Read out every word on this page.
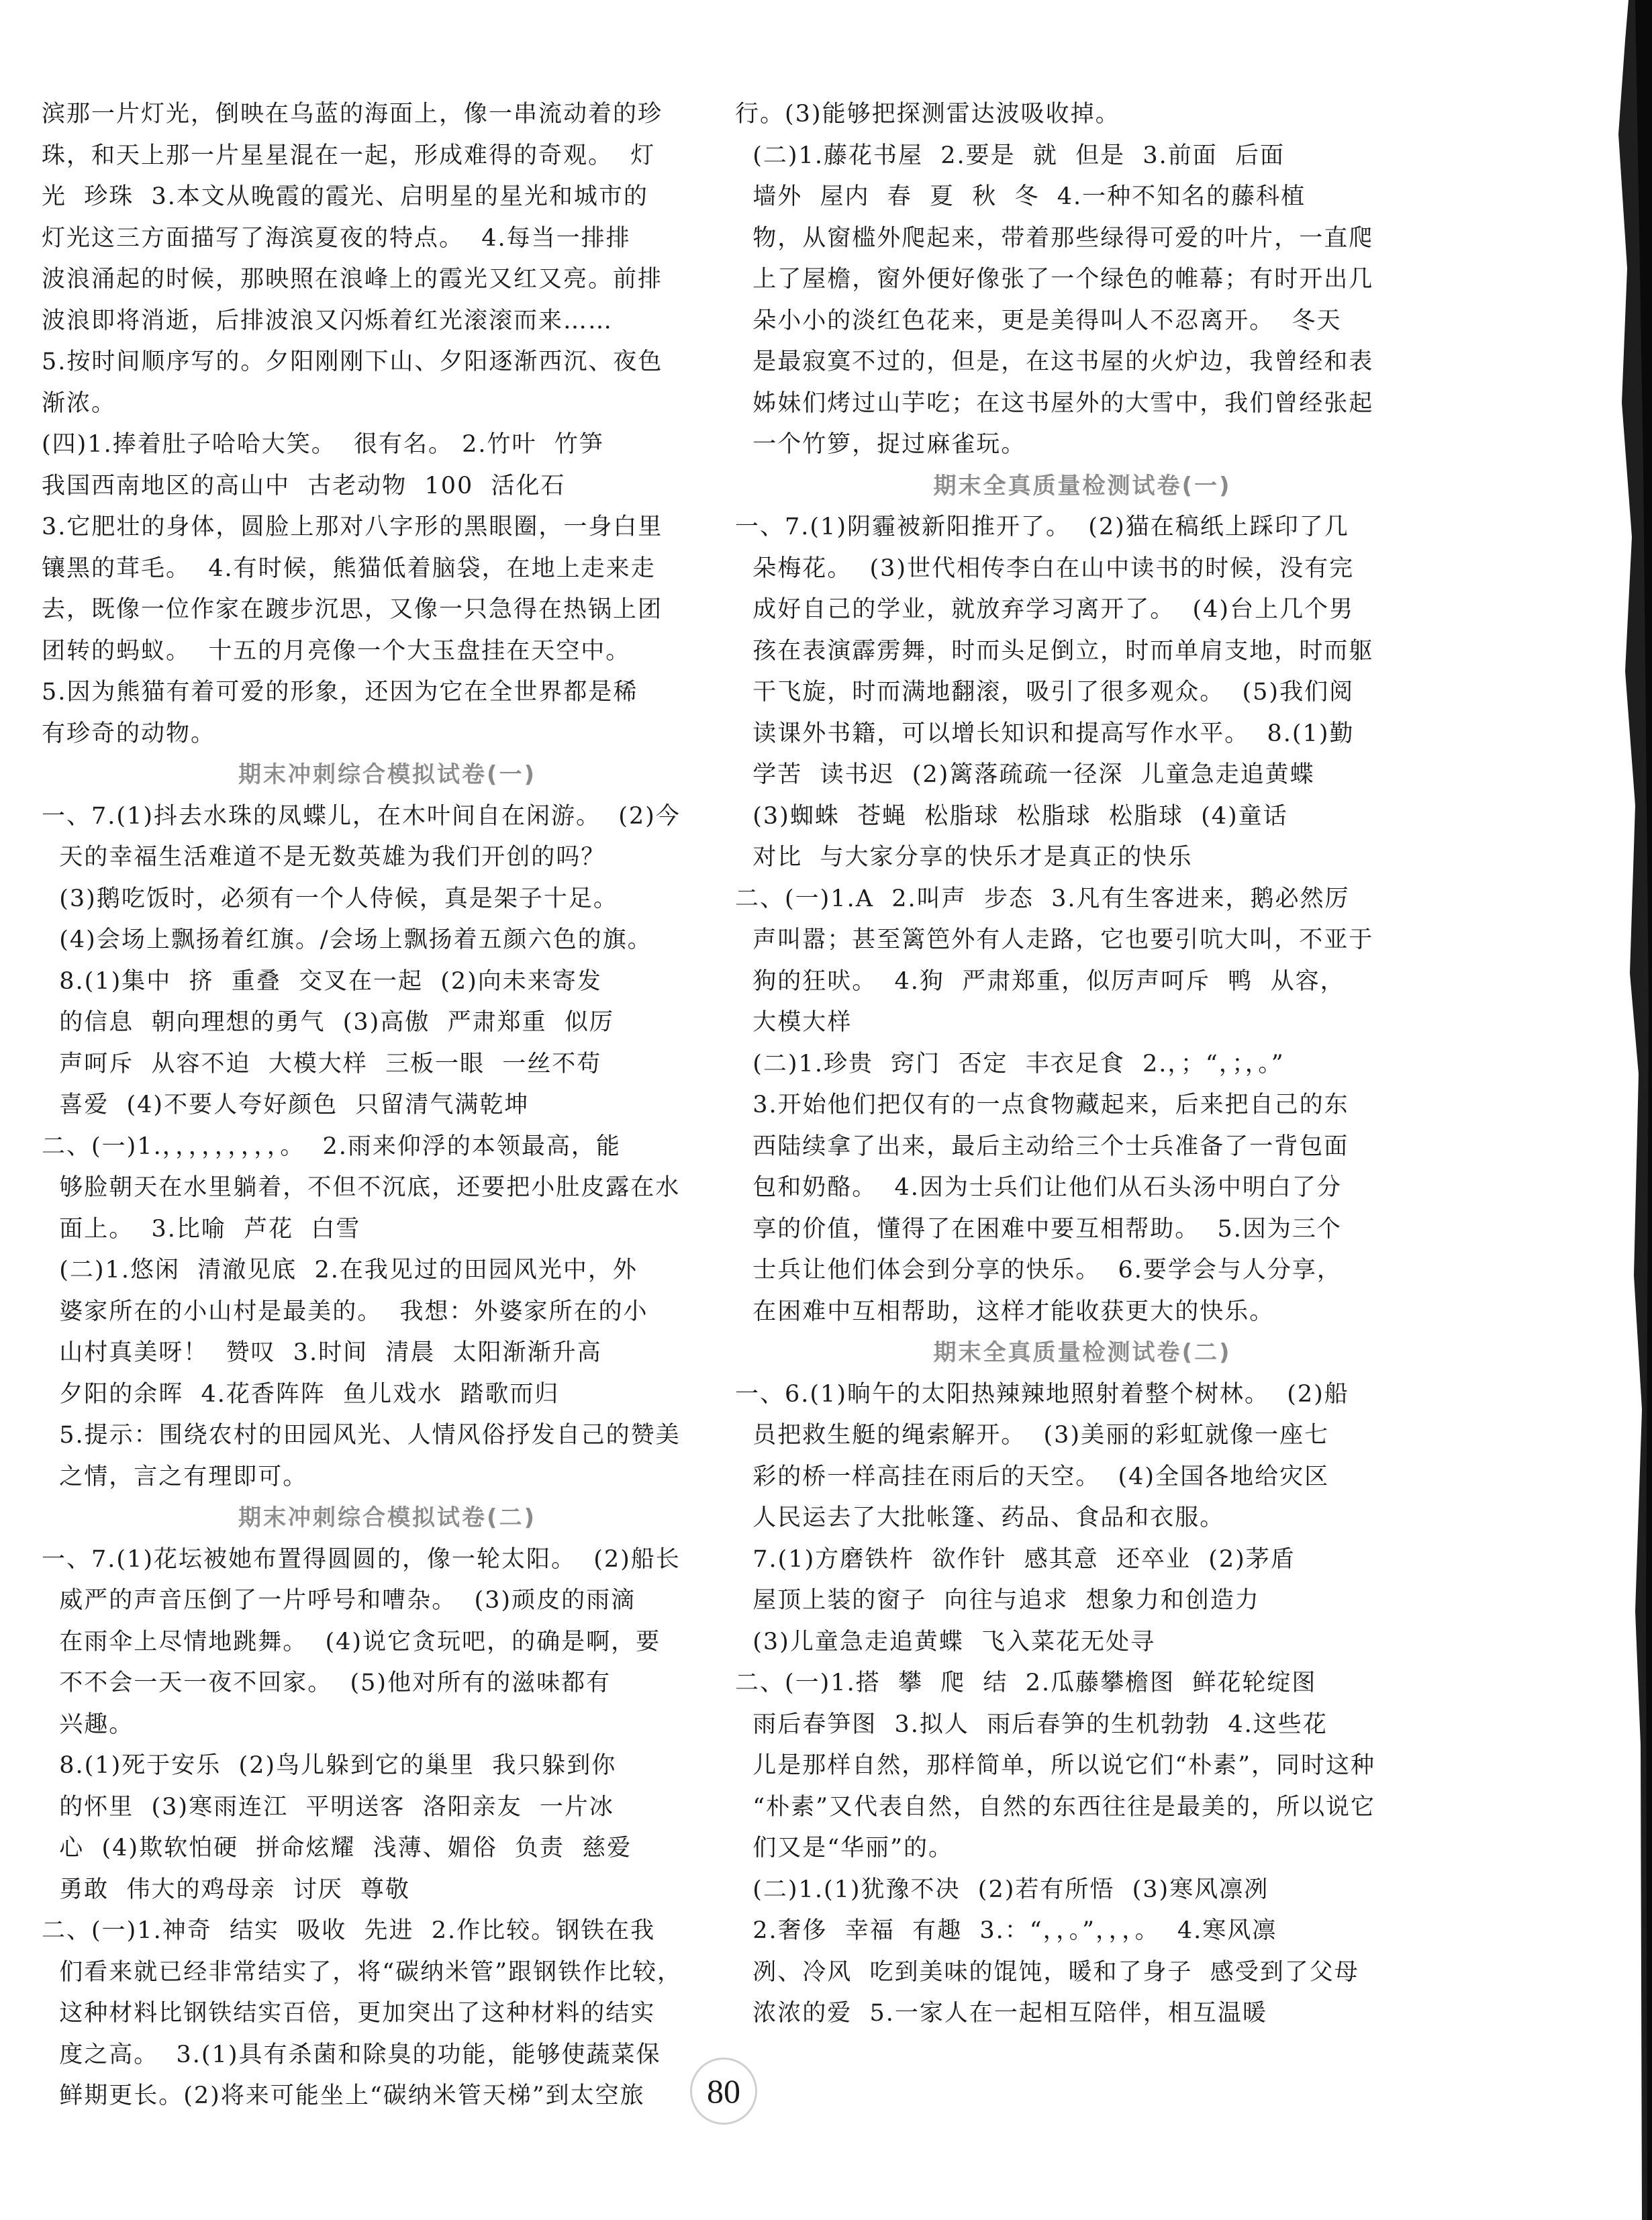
滨那一片灯光，倒映在乌蓝的海面上，像一串流动着的珍
珠，和天上那一片星星混在一起，形成难得的奇观。  灯
光  珍珠  3.本文从晚霞的霞光、启明星的星光和城市的
灯光这三方面描写了海滨夏夜的特点。  4.每当一排排
波浪涌起的时候，那映照在浪峰上的霞光又红又亮。前排
波浪即将消逝，后排波浪又闪烁着红光滚滚而来……
5.按时间顺序写的。夕阳刚刚下山、夕阳逐渐西沉、夜色
渐浓。
(四)1.捧着肚子哈哈大笑。  很有名。 2.竹叶  竹笋
我国西南地区的高山中  古老动物  100  活化石
3.它肥壮的身体，圆脸上那对八字形的黑眼圈，一身白里
镶黑的茸毛。  4.有时候，熊猫低着脑袋，在地上走来走
去，既像一位作家在踱步沉思，又像一只急得在热锅上团
团转的蚂蚁。  十五的月亮像一个大玉盘挂在天空中。
5.因为熊猫有着可爱的形象，还因为它在全世界都是稀
有珍奇的动物。
期末冲刺综合模拟试卷(一)
一、7.(1)抖去水珠的凤蝶儿，在木叶间自在闲游。  (2)今
天的幸福生活难道不是无数英雄为我们开创的吗？
(3)鹅吃饭时，必须有一个人侍候，真是架子十足。
(4)会场上飘扬着红旗。/会场上飘扬着五颜六色的旗。
8.(1)集中  挤  重叠  交叉在一起  (2)向未来寄发
的信息  朝向理想的勇气  (3)高傲  严肃郑重  似厉
声呵斥  从容不迫  大模大样  三板一眼  一丝不苟
喜爱  (4)不要人夸好颜色  只留清气满乾坤
二、(一)1.，，，，，，，，，。  2.雨来仰浮的本领最高，能
够脸朝天在水里躺着，不但不沉底，还要把小肚皮露在水
面上。  3.比喻  芦花  白雪
(二)1.悠闲  清澈见底  2.在我见过的田园风光中，外
婆家所在的小山村是最美的。  我想：外婆家所在的小
山村真美呀！  赞叹  3.时间  清晨  太阳渐渐升高
夕阳的余晖  4.花香阵阵  鱼儿戏水  踏歌而归
5.提示：围绕农村的田园风光、人情风俗抒发自己的赞美
之情，言之有理即可。
期末冲刺综合模拟试卷(二)
一、7.(1)花坛被她布置得圆圆的，像一轮太阳。  (2)船长
威严的声音压倒了一片呼号和嘈杂。  (3)顽皮的雨滴
在雨伞上尽情地跳舞。  (4)说它贪玩吧，的确是啊，要
不不会一天一夜不回家。  (5)他对所有的滋味都有
兴趣。
8.(1)死于安乐  (2)鸟儿躲到它的巢里  我只躲到你
的怀里  (3)寒雨连江  平明送客  洛阳亲友  一片冰
心  (4)欺软怕硬  拼命炫耀  浅薄、媚俗  负责  慈爱
勇敢  伟大的鸡母亲  讨厌  尊敬
二、(一)1.神奇  结实  吸收  先进  2.作比较。钢铁在我
们看来就已经非常结实了，将“碳纳米管”跟钢铁作比较，
这种材料比钢铁结实百倍，更加突出了这种材料的结实
度之高。  3.(1)具有杀菌和除臭的功能，能够使蔬菜保
鲜期更长。(2)将来可能坐上“碳纳米管天梯”到太空旅
行。(3)能够把探测雷达波吸收掉。
(二)1.藤花书屋  2.要是  就  但是  3.前面  后面
墙外  屋内  春  夏  秋  冬  4.一种不知名的藤科植
物，从窗槛外爬起来，带着那些绿得可爱的叶片，一直爬
上了屋檐，窗外便好像张了一个绿色的帷幕；有时开出几
朵小小的淡红色花来，更是美得叫人不忍离开。  冬天
是最寂寞不过的，但是，在这书屋的火炉边，我曾经和表
姊妹们烤过山芋吃；在这书屋外的大雪中，我们曾经张起
一个竹箩，捉过麻雀玩。
期末全真质量检测试卷(一)
一、7.(1)阴霾被新阳推开了。  (2)猫在稿纸上踩印了几
朵梅花。  (3)世代相传李白在山中读书的时候，没有完
成好自己的学业，就放弃学习离开了。  (4)台上几个男
孩在表演霹雳舞，时而头足倒立，时而单肩支地，时而躯
干飞旋，时而满地翻滚，吸引了很多观众。  (5)我们阅
读课外书籍，可以增长知识和提高写作水平。  8.(1)勤
学苦  读书迟  (2)篱落疏疏一径深  儿童急走追黄蝶
(3)蜘蛛  苍蝇  松脂球  松脂球  松脂球  (4)童话
对比  与大家分享的快乐才是真正的快乐
二、(一)1.A  2.叫声  步态  3.凡有生客进来，鹅必然厉
声叫嚣；甚至篱笆外有人走路，它也要引吭大叫，不亚于
狗的狂吠。  4.狗  严肃郑重，似厉声呵斥  鸭  从容，
大模大样
(二)1.珍贵  窍门  否定  丰衣足食  2.，；“，；，。”
3.开始他们把仅有的一点食物藏起来，后来把自己的东
西陆续拿了出来，最后主动给三个士兵准备了一背包面
包和奶酪。  4.因为士兵们让他们从石头汤中明白了分
享的价值，懂得了在困难中要互相帮助。  5.因为三个
士兵让他们体会到分享的快乐。  6.要学会与人分享，
在困难中互相帮助，这样才能收获更大的快乐。
期末全真质量检测试卷(二)
一、6.(1)晌午的太阳热辣辣地照射着整个树林。  (2)船
员把救生艇的绳索解开。  (3)美丽的彩虹就像一座七
彩的桥一样高挂在雨后的天空。  (4)全国各地给灾区
人民运去了大批帐篷、药品、食品和衣服。
7.(1)方磨铁杵  欲作针  感其意  还卒业  (2)茅盾
屋顶上装的窗子  向往与追求  想象力和创造力
(3)儿童急走追黄蝶  飞入菜花无处寻
二、(一)1.搭  攀  爬  结  2.瓜藤攀檐图  鲜花轮绽图
雨后春笋图  3.拟人  雨后春笋的生机勃勃  4.这些花
儿是那样自然，那样简单，所以说它们“朴素”，同时这种
“朴素”又代表自然，自然的东西往往是最美的，所以说它
们又是“华丽”的。
(二)1.(1)犹豫不决  (2)若有所悟  (3)寒风凛冽
2.奢侈  幸福  有趣  3.：“，，。”，，，。  4.寒风凛
冽、冷风  吃到美味的馄饨，暖和了身子  感受到了父母
浓浓的爱  5.一家人在一起相互陪伴，相互温暖
80
